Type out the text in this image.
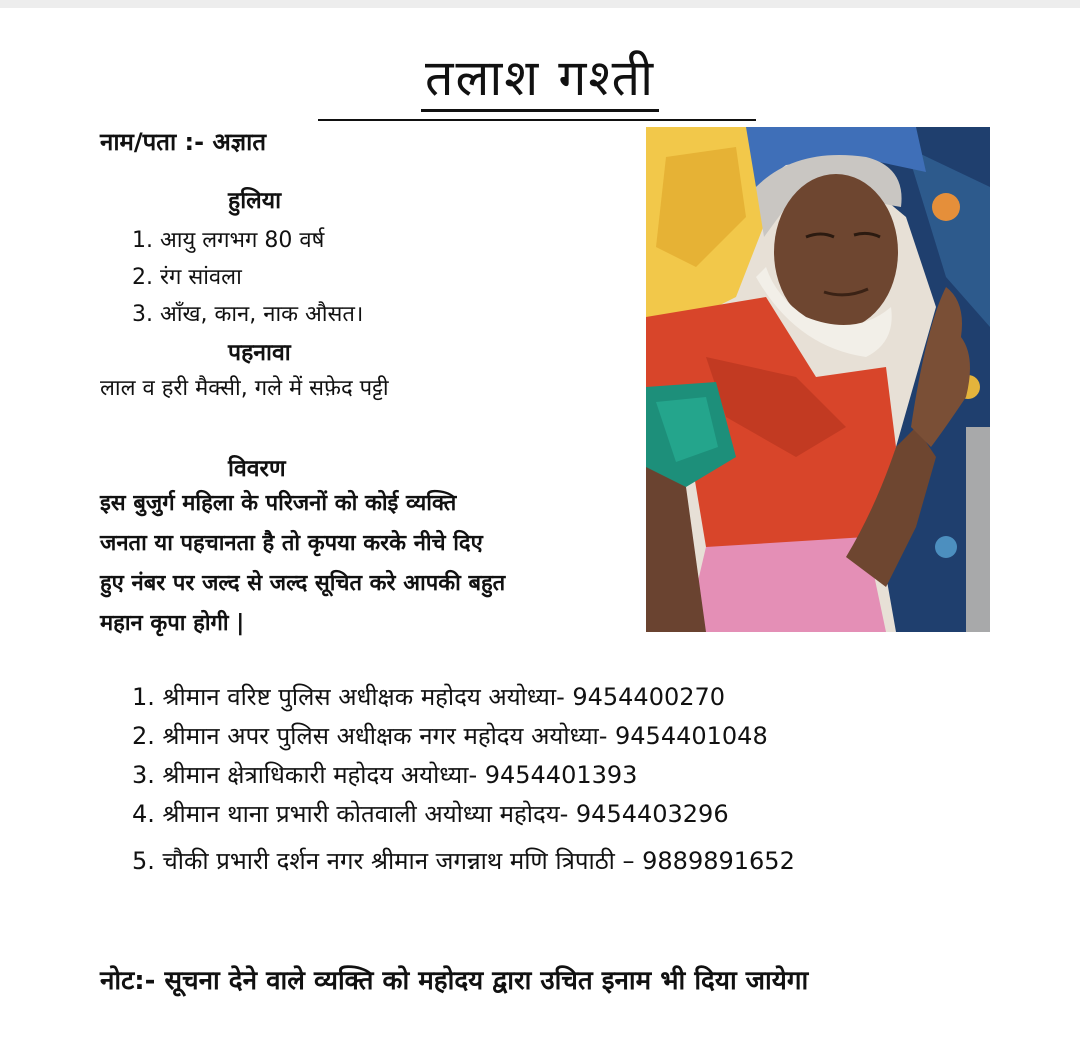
तलाश गश्ती
नाम/पता :- अज्ञात
हुलिया
1. आयु लगभग 80 वर्ष
2. रंग सांवला
3. आँख, कान, नाक औसत।
पहनावा
लाल व हरी मैक्सी, गले में सफ़ेद पट्टी
विवरण
इस बुजुर्ग महिला के परिजनों को कोई व्यक्ति
जनता या पहचानता है तो कृपया करके नीचे दिए
हुए नंबर पर जल्द से जल्द सूचित करे आपकी बहुत
महान कृपा होगी |
1. श्रीमान वरिष्ट पुलिस अधीक्षक महोदय अयोध्या- 9454400270
2. श्रीमान अपर पुलिस अधीक्षक नगर महोदय अयोध्या- 9454401048
3. श्रीमान क्षेत्राधिकारी महोदय अयोध्या- 9454401393
4. श्रीमान थाना प्रभारी कोतवाली अयोध्या महोदय- 9454403296
5. चौकी प्रभारी दर्शन नगर श्रीमान जगन्नाथ मणि त्रिपाठी – 9889891652
नोट:- सूचना देने वाले व्यक्ति को महोदय द्वारा उचित इनाम भी दिया जायेगा
